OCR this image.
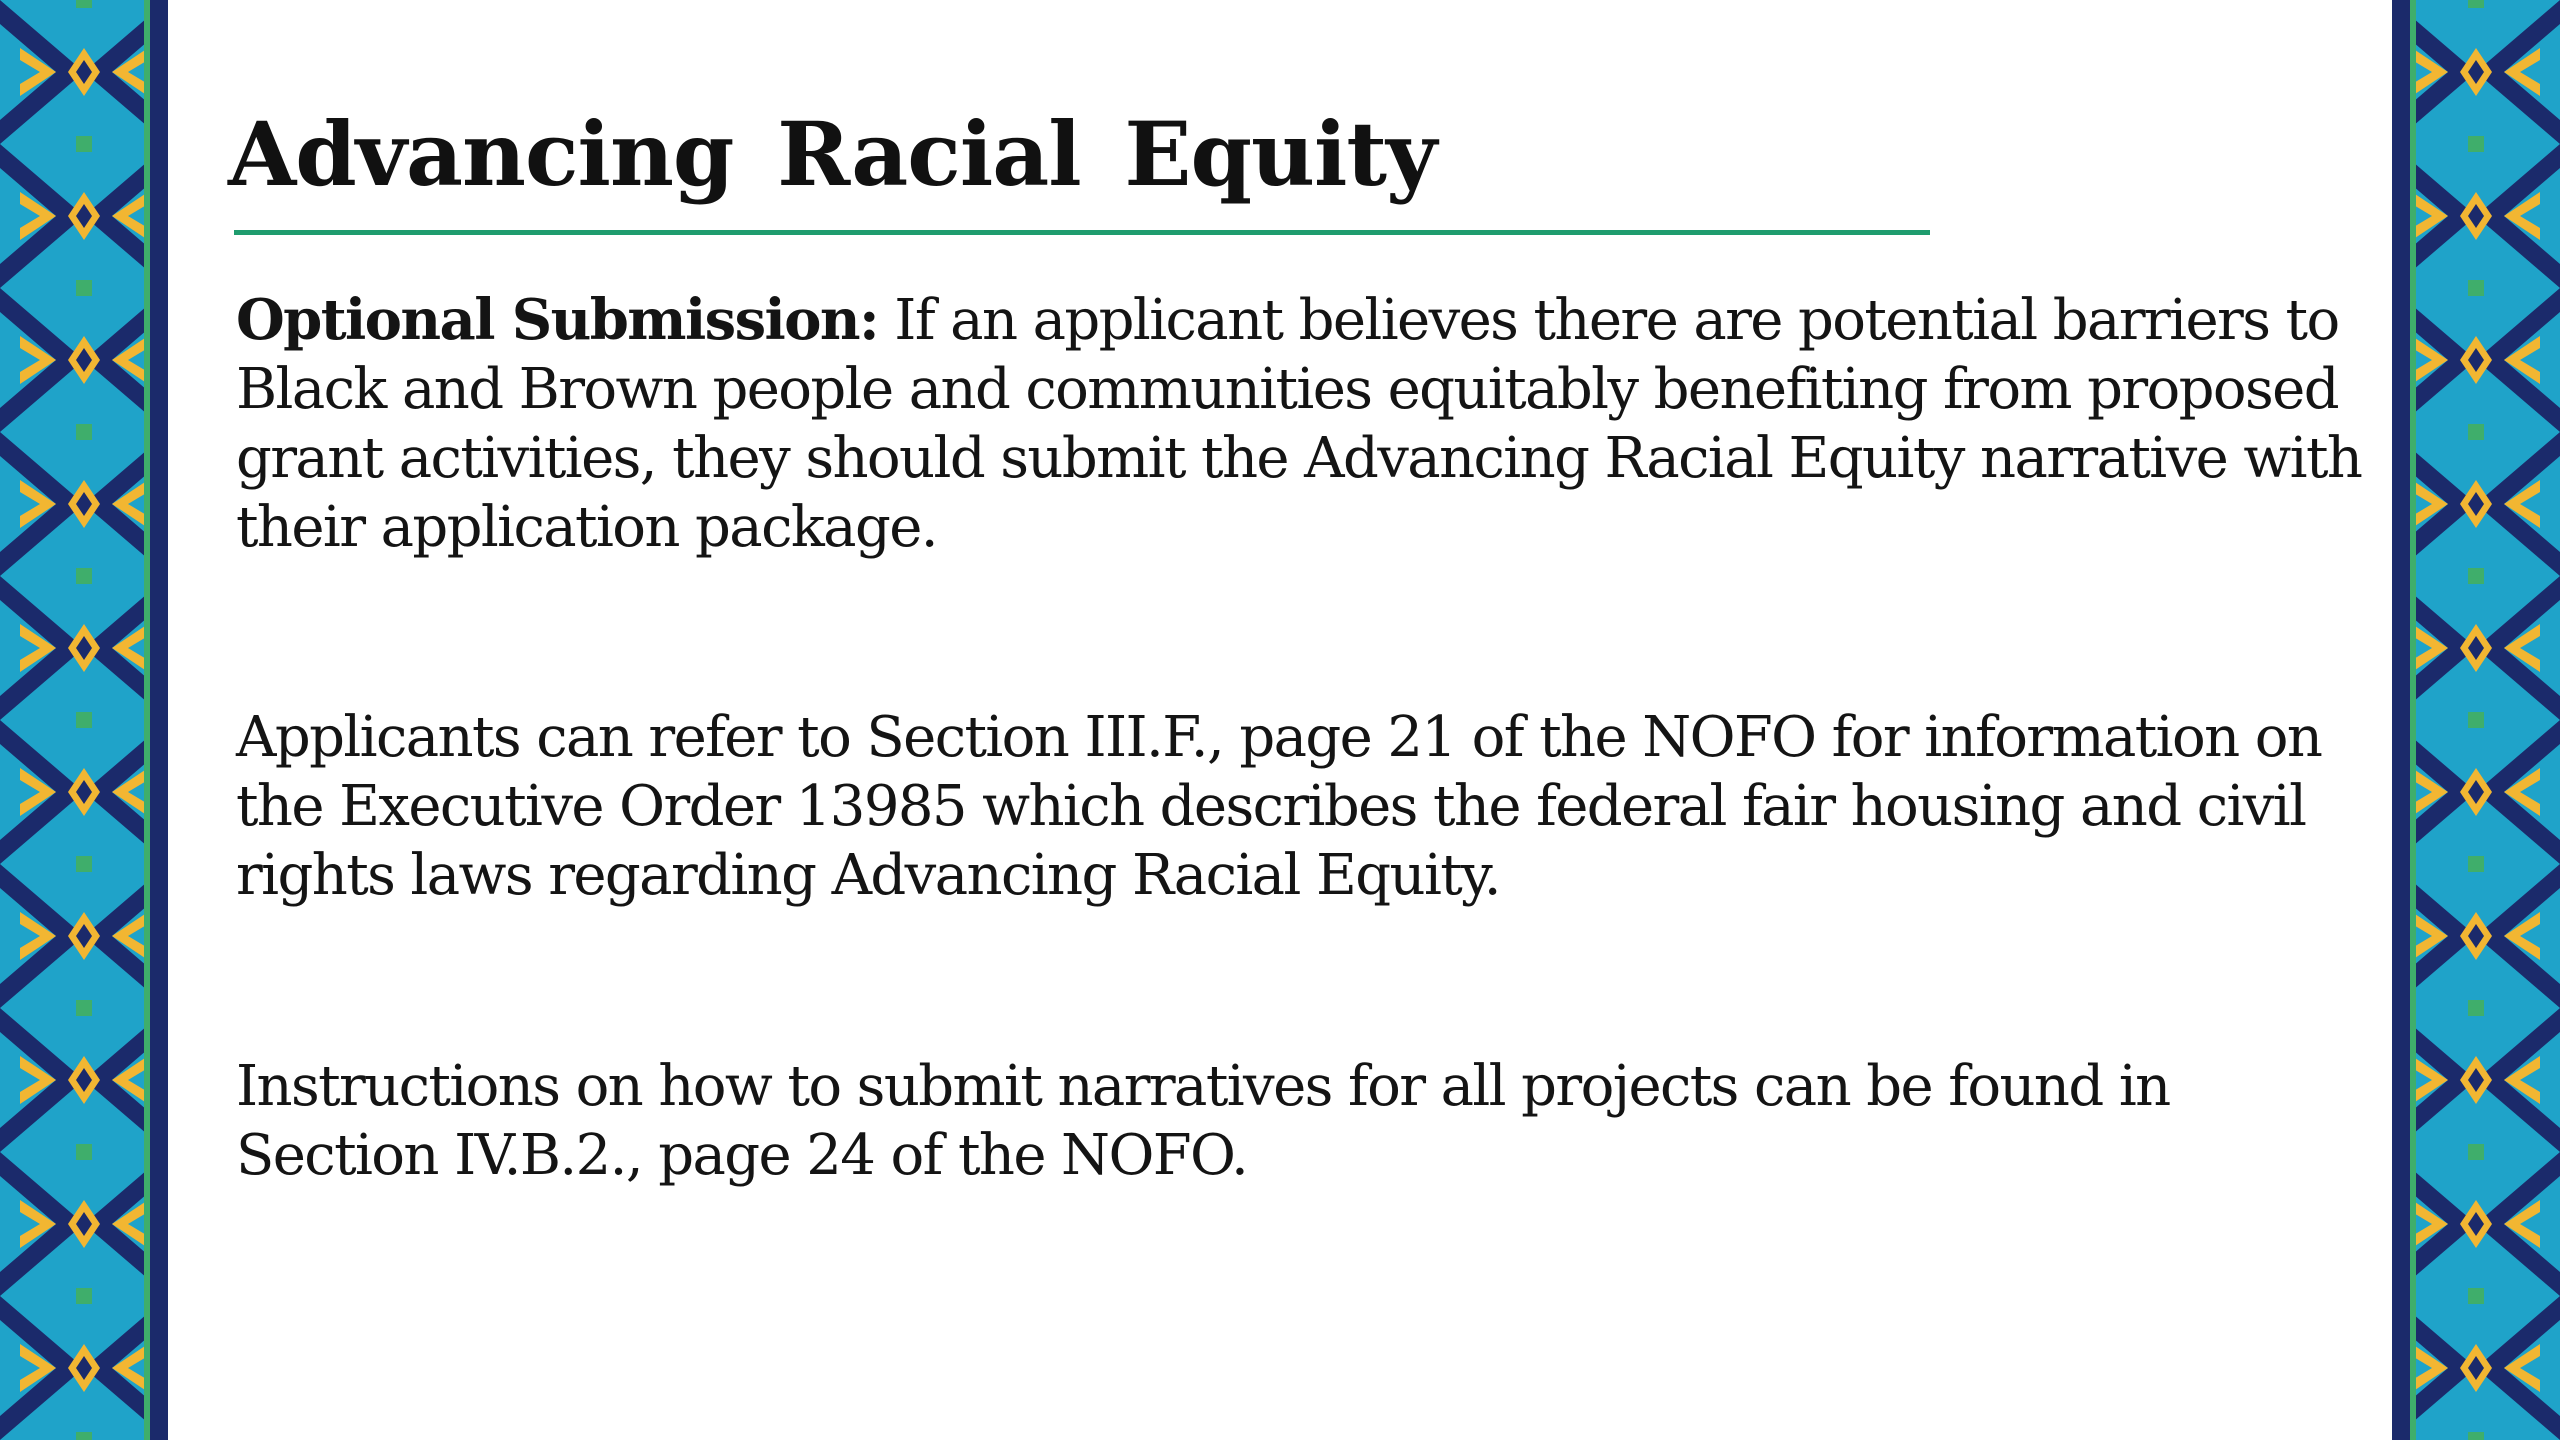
Advancing Racial Equity

Optional Submission: If an applicant believes there are potential barriers to Black and Brown people and communities equitably benefiting from proposed grant activities, they should submit the Advancing Racial Equity narrative with their application package.

Applicants can refer to Section III.F., page 21 of the NOFO for information on the Executive Order 13985 which describes the federal fair housing and civil rights laws regarding Advancing Racial Equity.

Instructions on how to submit narratives for all projects can be found in Section IV.B.2., page 24 of the NOFO.
